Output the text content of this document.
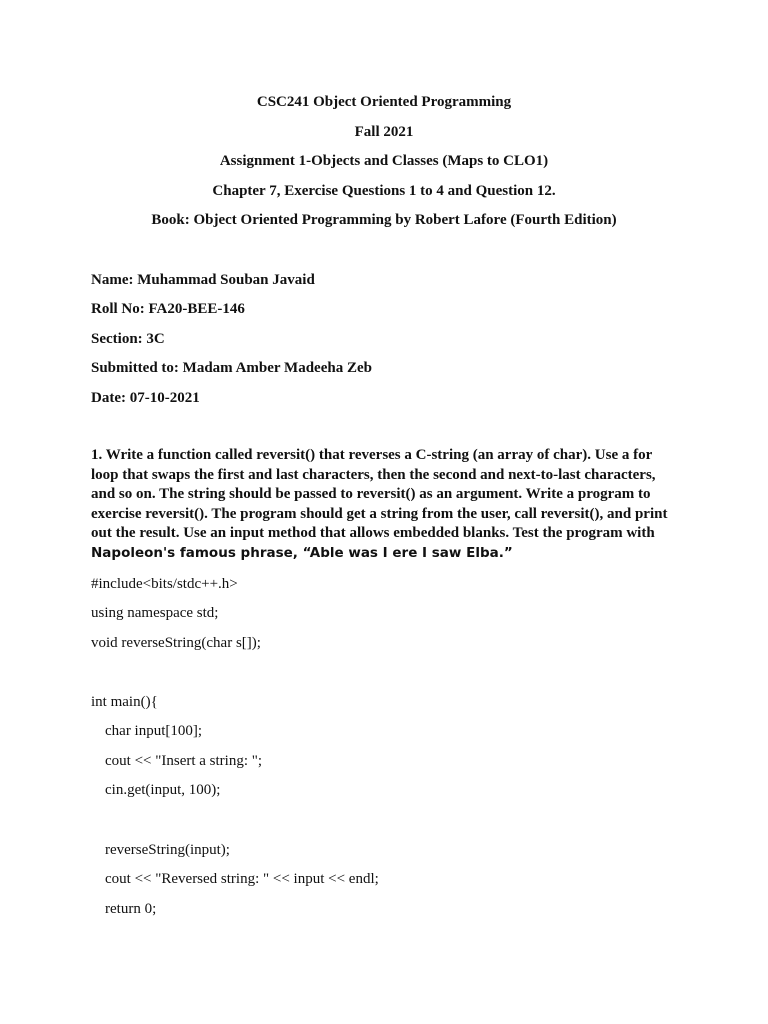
CSC241 Object Oriented Programming

Fall 2021

Assignment 1-Objects and Classes (Maps to CLO1)

Chapter 7, Exercise Questions 1 to 4 and Question 12.

Book: Object Oriented Programming by Robert Lafore (Fourth Edition)

Name: Muhammad Souban Javaid

Roll No: FA20-BEE-146

Section: 3C

Submitted to: Madam Amber Madeeha Zeb

Date: 07-10-2021

1. Write a function called reversit() that reverses a C-string (an array of char). Use a for loop that swaps the first and last characters, then the second and next-to-last characters, and so on. The string should be passed to reversit() as an argument. Write a program to exercise reversit(). The program should get a string from the user, call reversit(), and print out the result. Use an input method that allows embedded blanks. Test the program with Napoleon's famous phrase, “Able was I ere I saw Elba.”

#include<bits/stdc++.h>

using namespace std;

void reverseString(char s[]);

int main(){

char input[100];

cout << "Insert a string: ";

cin.get(input, 100);

reverseString(input);

cout << "Reversed string: " << input << endl;

return 0;
